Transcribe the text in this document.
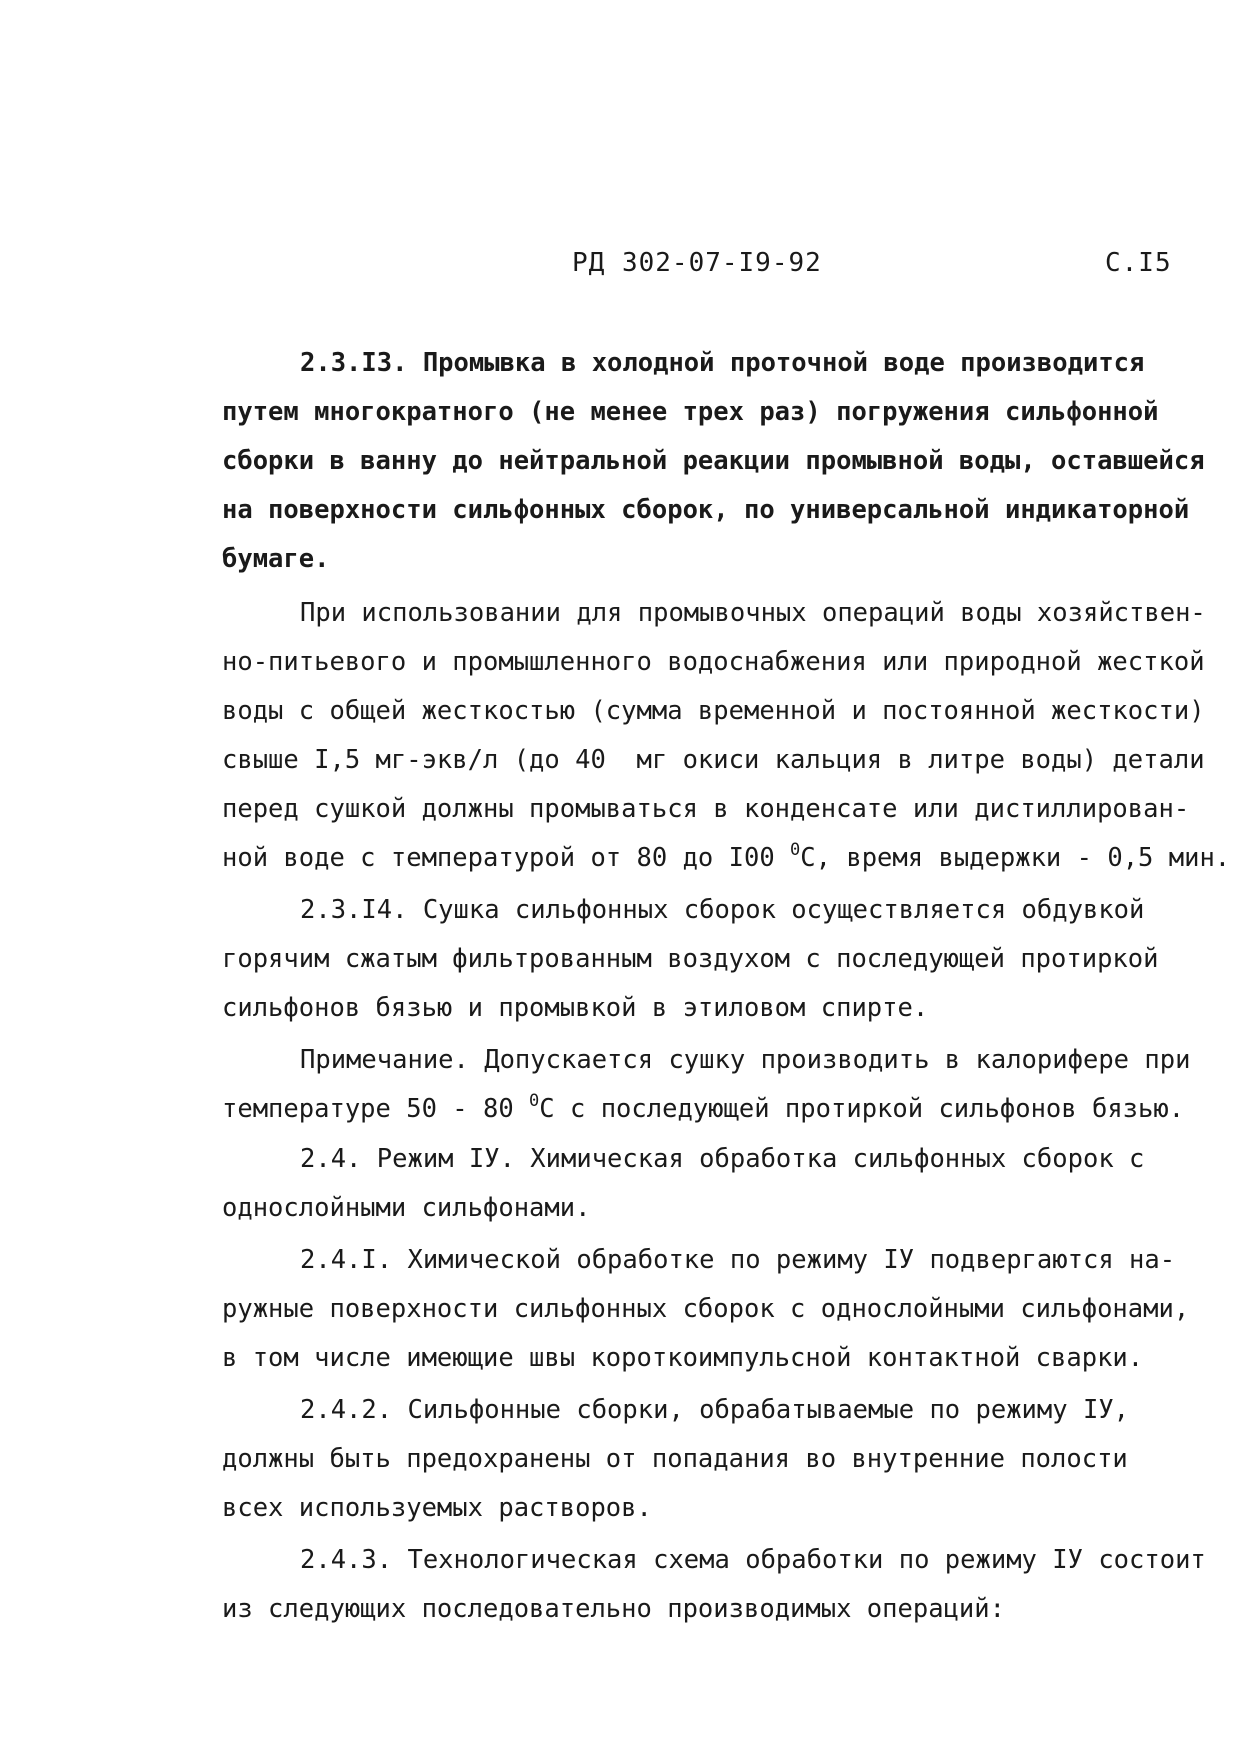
РД 302-07-I9-92	С.I5
2.3.I3. Промывка в холодной проточной воде производится
путем многократного (не менее трех раз) погружения сильфонной
сборки в ванну до нейтральной реакции промывной воды, оставшейся
на поверхности сильфонных сборок, по универсальной индикаторной
бумаге.
При использовании для промывочных операций воды хозяйствен-
но-питьевого и промышленного водоснабжения или природной жесткой
воды с общей жесткостью (сумма временной и постоянной жесткости)
свыше I,5 мг-экв/л (до 40  мг окиси кальция в литре воды) детали
перед сушкой должны промываться в конденсате или дистиллирован-
ной воде с температурой от 80 до I00 $^0$С, время выдержки - 0,5 мин.
2.3.I4. Сушка сильфонных сборок осуществляется обдувкой
горячим сжатым фильтрованным воздухом с последующей протиркой
сильфонов бязью и промывкой в этиловом спирте.
Примечание. Допускается сушку производить в калорифере при
температуре 50 - 80 $^0$С с последующей протиркой сильфонов бязью.
2.4. Режим IУ. Химическая обработка сильфонных сборок с
однослойными сильфонами.
2.4.I. Химической обработке по режиму IУ подвергаются на-
ружные поверхности сильфонных сборок с однослойными сильфонами,
в том числе имеющие швы короткоимпульсной контактной сварки.
2.4.2. Сильфонные сборки, обрабатываемые по режиму IУ,
должны быть предохранены от попадания во внутренние полости
всех используемых растворов.
2.4.3. Технологическая схема обработки по режиму IУ состоит
из следующих последовательно производимых операций:
